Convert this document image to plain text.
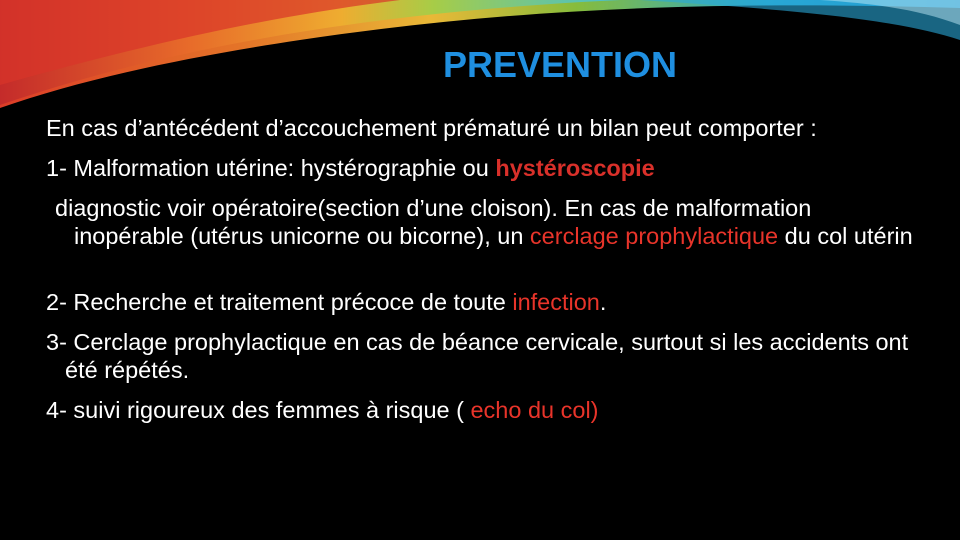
PREVENTION

En cas d’antécédent d’accouchement prématuré un bilan peut comporter :

1- Malformation utérine: hystérographie ou hystéroscopie

diagnostic voir opératoire(section d’une cloison). En cas de malformation inopérable (utérus unicorne ou bicorne), un cerclage prophylactique du col utérin

2- Recherche et traitement précoce de toute infection.

3- Cerclage prophylactique en cas de béance cervicale, surtout si les accidents ont été répétés.

4- suivi rigoureux des femmes à risque ( echo du col)
